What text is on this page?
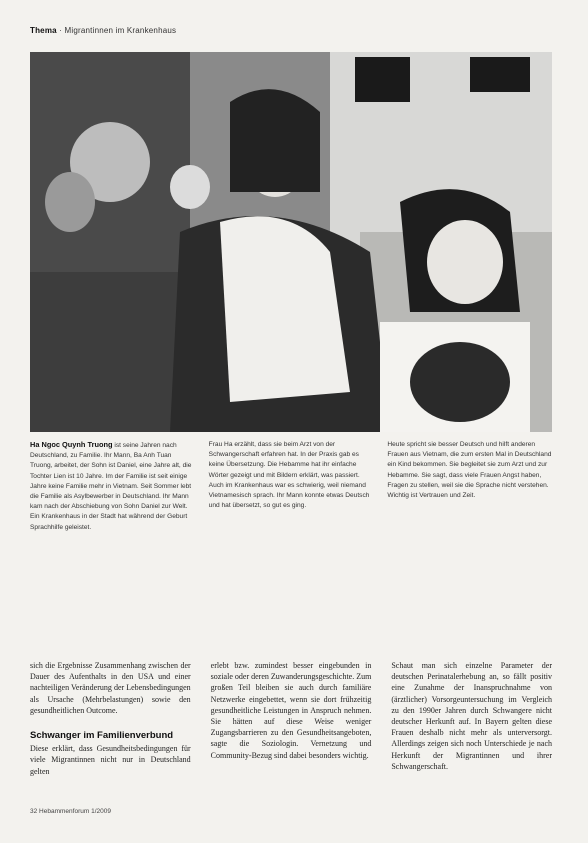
Thema · Migrantinnen im Krankenhaus
Ha Ngoc Quynh Truong ist seine Jahren nach Deutschland, zu Familie. Ihr Mann, Ba Anh Tuan Truong, arbeitet, der Sohn ist Daniel, eine Jahre alt, die Tochter Lien ist 10 Jahre. Im der Familie ist seit einige Jahre keine Familie mehr in Vietnam. Seit Sommer lebt die Familie als Asylbewerber in Deutschland. Ihr Mann kam nach der Abschiebung von Sohn Daniel zur Welt. Ein Krankenhaus in der Stadt hat während der Geburt Sprachhilfe geleistet.
Frau Ha erzählt, dass sie beim Arzt von der Schwangerschaft erfahren hat. In der Praxis gab es keine Übersetzung. Die Hebamme hat ihr einfache Wörter gezeigt und mit Bildern erklärt, was passiert. Auch im Krankenhaus war es schwierig, weil niemand Vietnamesisch sprach. Ihr Mann konnte etwas Deutsch und hat übersetzt, so gut es ging.
Heute spricht sie besser Deutsch und hilft anderen Frauen aus Vietnam, die zum ersten Mal in Deutschland ein Kind bekommen. Sie begleitet sie zum Arzt und zur Hebamme. Sie sagt, dass viele Frauen Angst haben, Fragen zu stellen, weil sie die Sprache nicht verstehen. Wichtig ist Vertrauen und Zeit.

sich die Ergebnisse Zusammenhang zwischen der Dauer des Aufenthalts in den USA und einer nachteiligen Veränderung der Lebensbedingungen als Ursache (Mehrbelastungen) sowie den gesundheitlichen Outcome.

Schwanger im Familienverbund

Diese erklärt, dass Gesundheitsbedingungen für viele Migrantinnen nicht nur in Deutschland gelten

erlebt bzw. zumindest besser eingebunden in soziale oder deren Zuwanderungsgeschichte. Zum großen Teil bleiben sie auch durch familiäre Netzwerke eingebettet, wenn sie dort frühzeitig gesundheitliche Leistungen in Anspruch nehmen. Sie hätten auf diese Weise weniger Zugangsbarrieren zu den Gesundheitsangeboten, sagte die Soziologin. Vernetzung und Community-Bezug sind dabei besonders wichtig.

Schaut man sich einzelne Parameter der deutschen Perinatalerhebung an, so fällt positiv eine Zunahme der Inanspruchnahme von (ärztlicher) Vorsorgeuntersuchung im Vergleich zu den 1990er Jahren durch Schwangere nicht deutscher Herkunft auf. In Bayern gelten diese Frauen deshalb nicht mehr als unterversorgt. Allerdings zeigen sich noch Unterschiede je nach Herkunft der Migrantinnen und ihrer Schwangerschaft.

32 Hebammenforum 1/2009
